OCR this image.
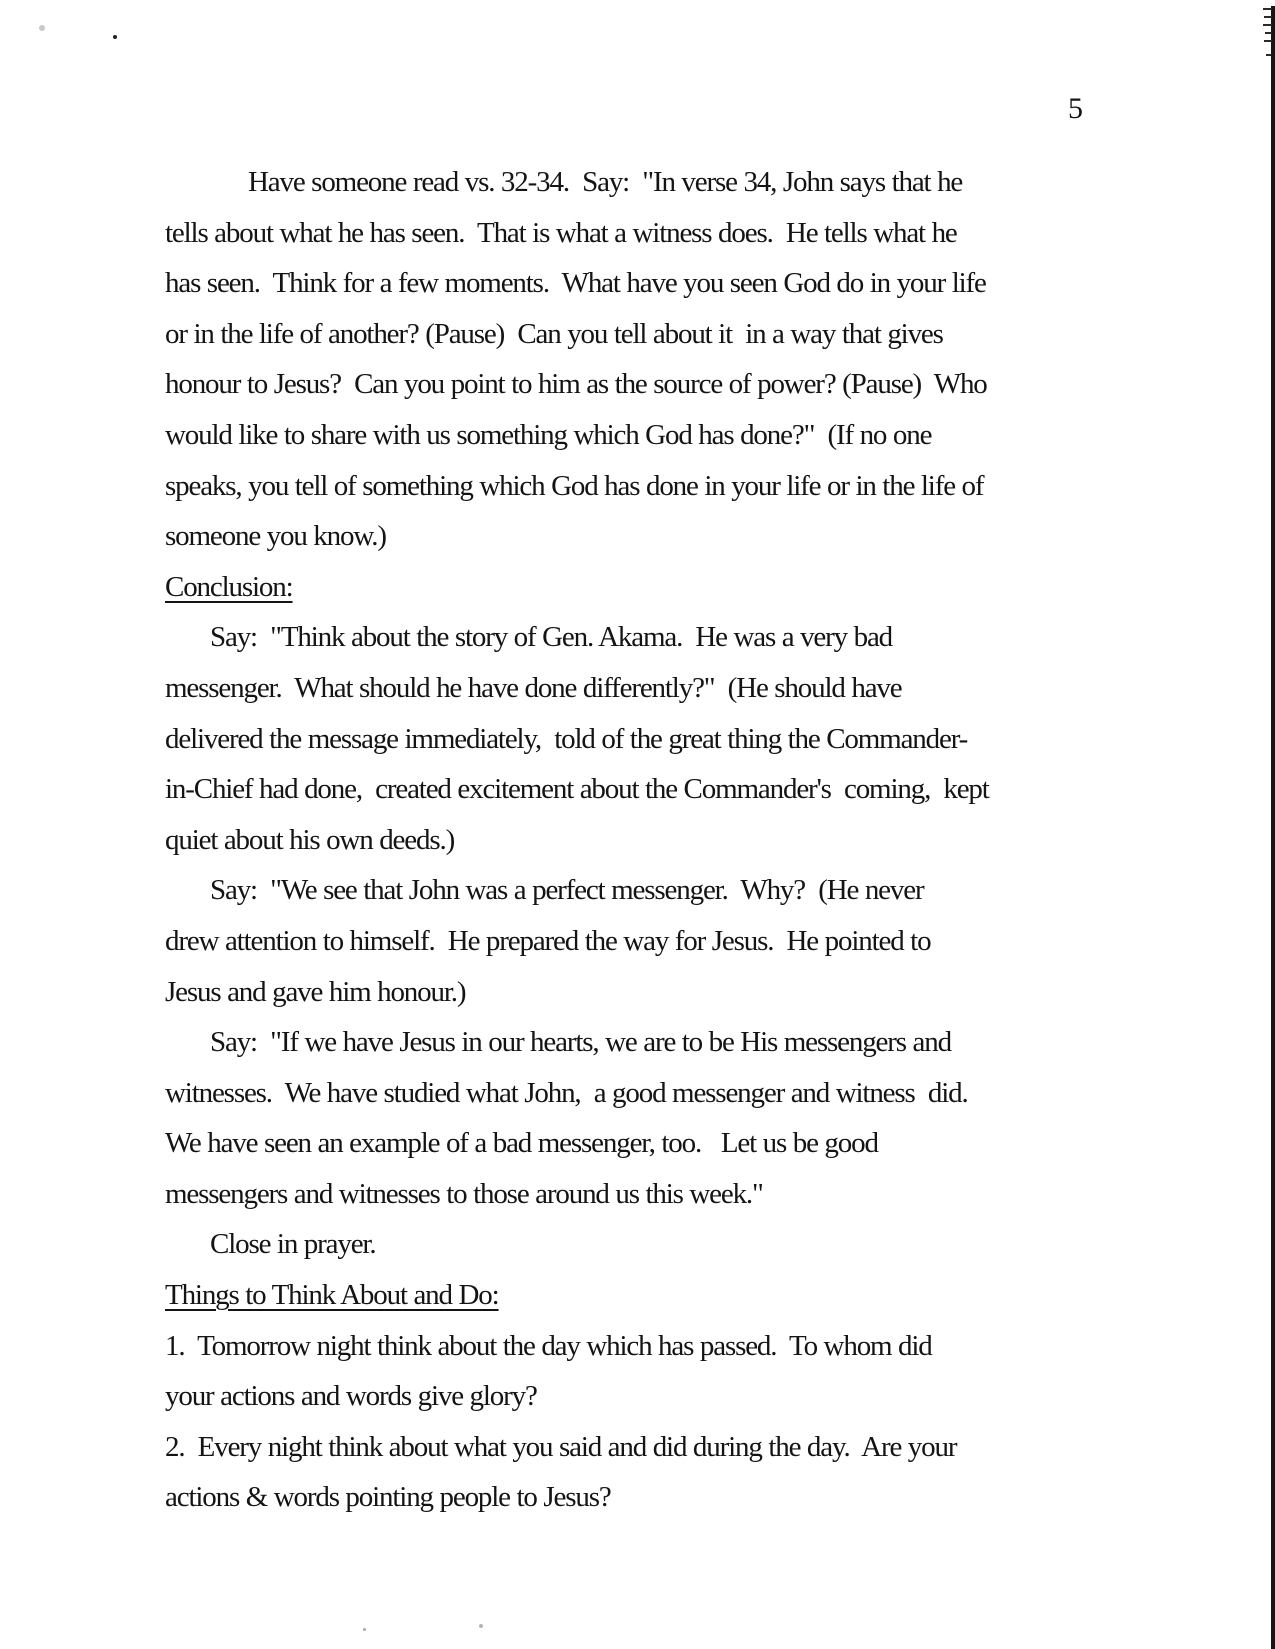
5
Have someone read vs. 32-34.  Say:  "In verse 34, John says that he
tells about what he has seen.  That is what a witness does.  He tells what he
has seen.  Think for a few moments.  What have you seen God do in your life
or in the life of another? (Pause)  Can you tell about it  in a way that gives
honour to Jesus?  Can you point to him as the source of power? (Pause)  Who
would like to share with us something which God has done?"  (If no one
speaks, you tell of something which God has done in your life or in the life of
someone you know.)
Conclusion:
Say:  "Think about the story of Gen. Akama.  He was a very bad
messenger.  What should he have done differently?"  (He should have
delivered the message immediately,  told of the great thing the Commander-
in-Chief had done,  created excitement about the Commander's  coming,  kept
quiet about his own deeds.)
Say:  "We see that John was a perfect messenger.  Why?  (He never
drew attention to himself.  He prepared the way for Jesus.  He pointed to
Jesus and gave him honour.)
Say:  "If we have Jesus in our hearts, we are to be His messengers and
witnesses.  We have studied what John,  a good messenger and witness  did.
We have seen an example of a bad messenger, too.   Let us be good
messengers and witnesses to those around us this week."
Close in prayer.
Things to Think About and Do:
1.  Tomorrow night think about the day which has passed.  To whom did
your actions and words give glory?
2.  Every night think about what you said and did during the day.  Are your
actions & words pointing people to Jesus?
